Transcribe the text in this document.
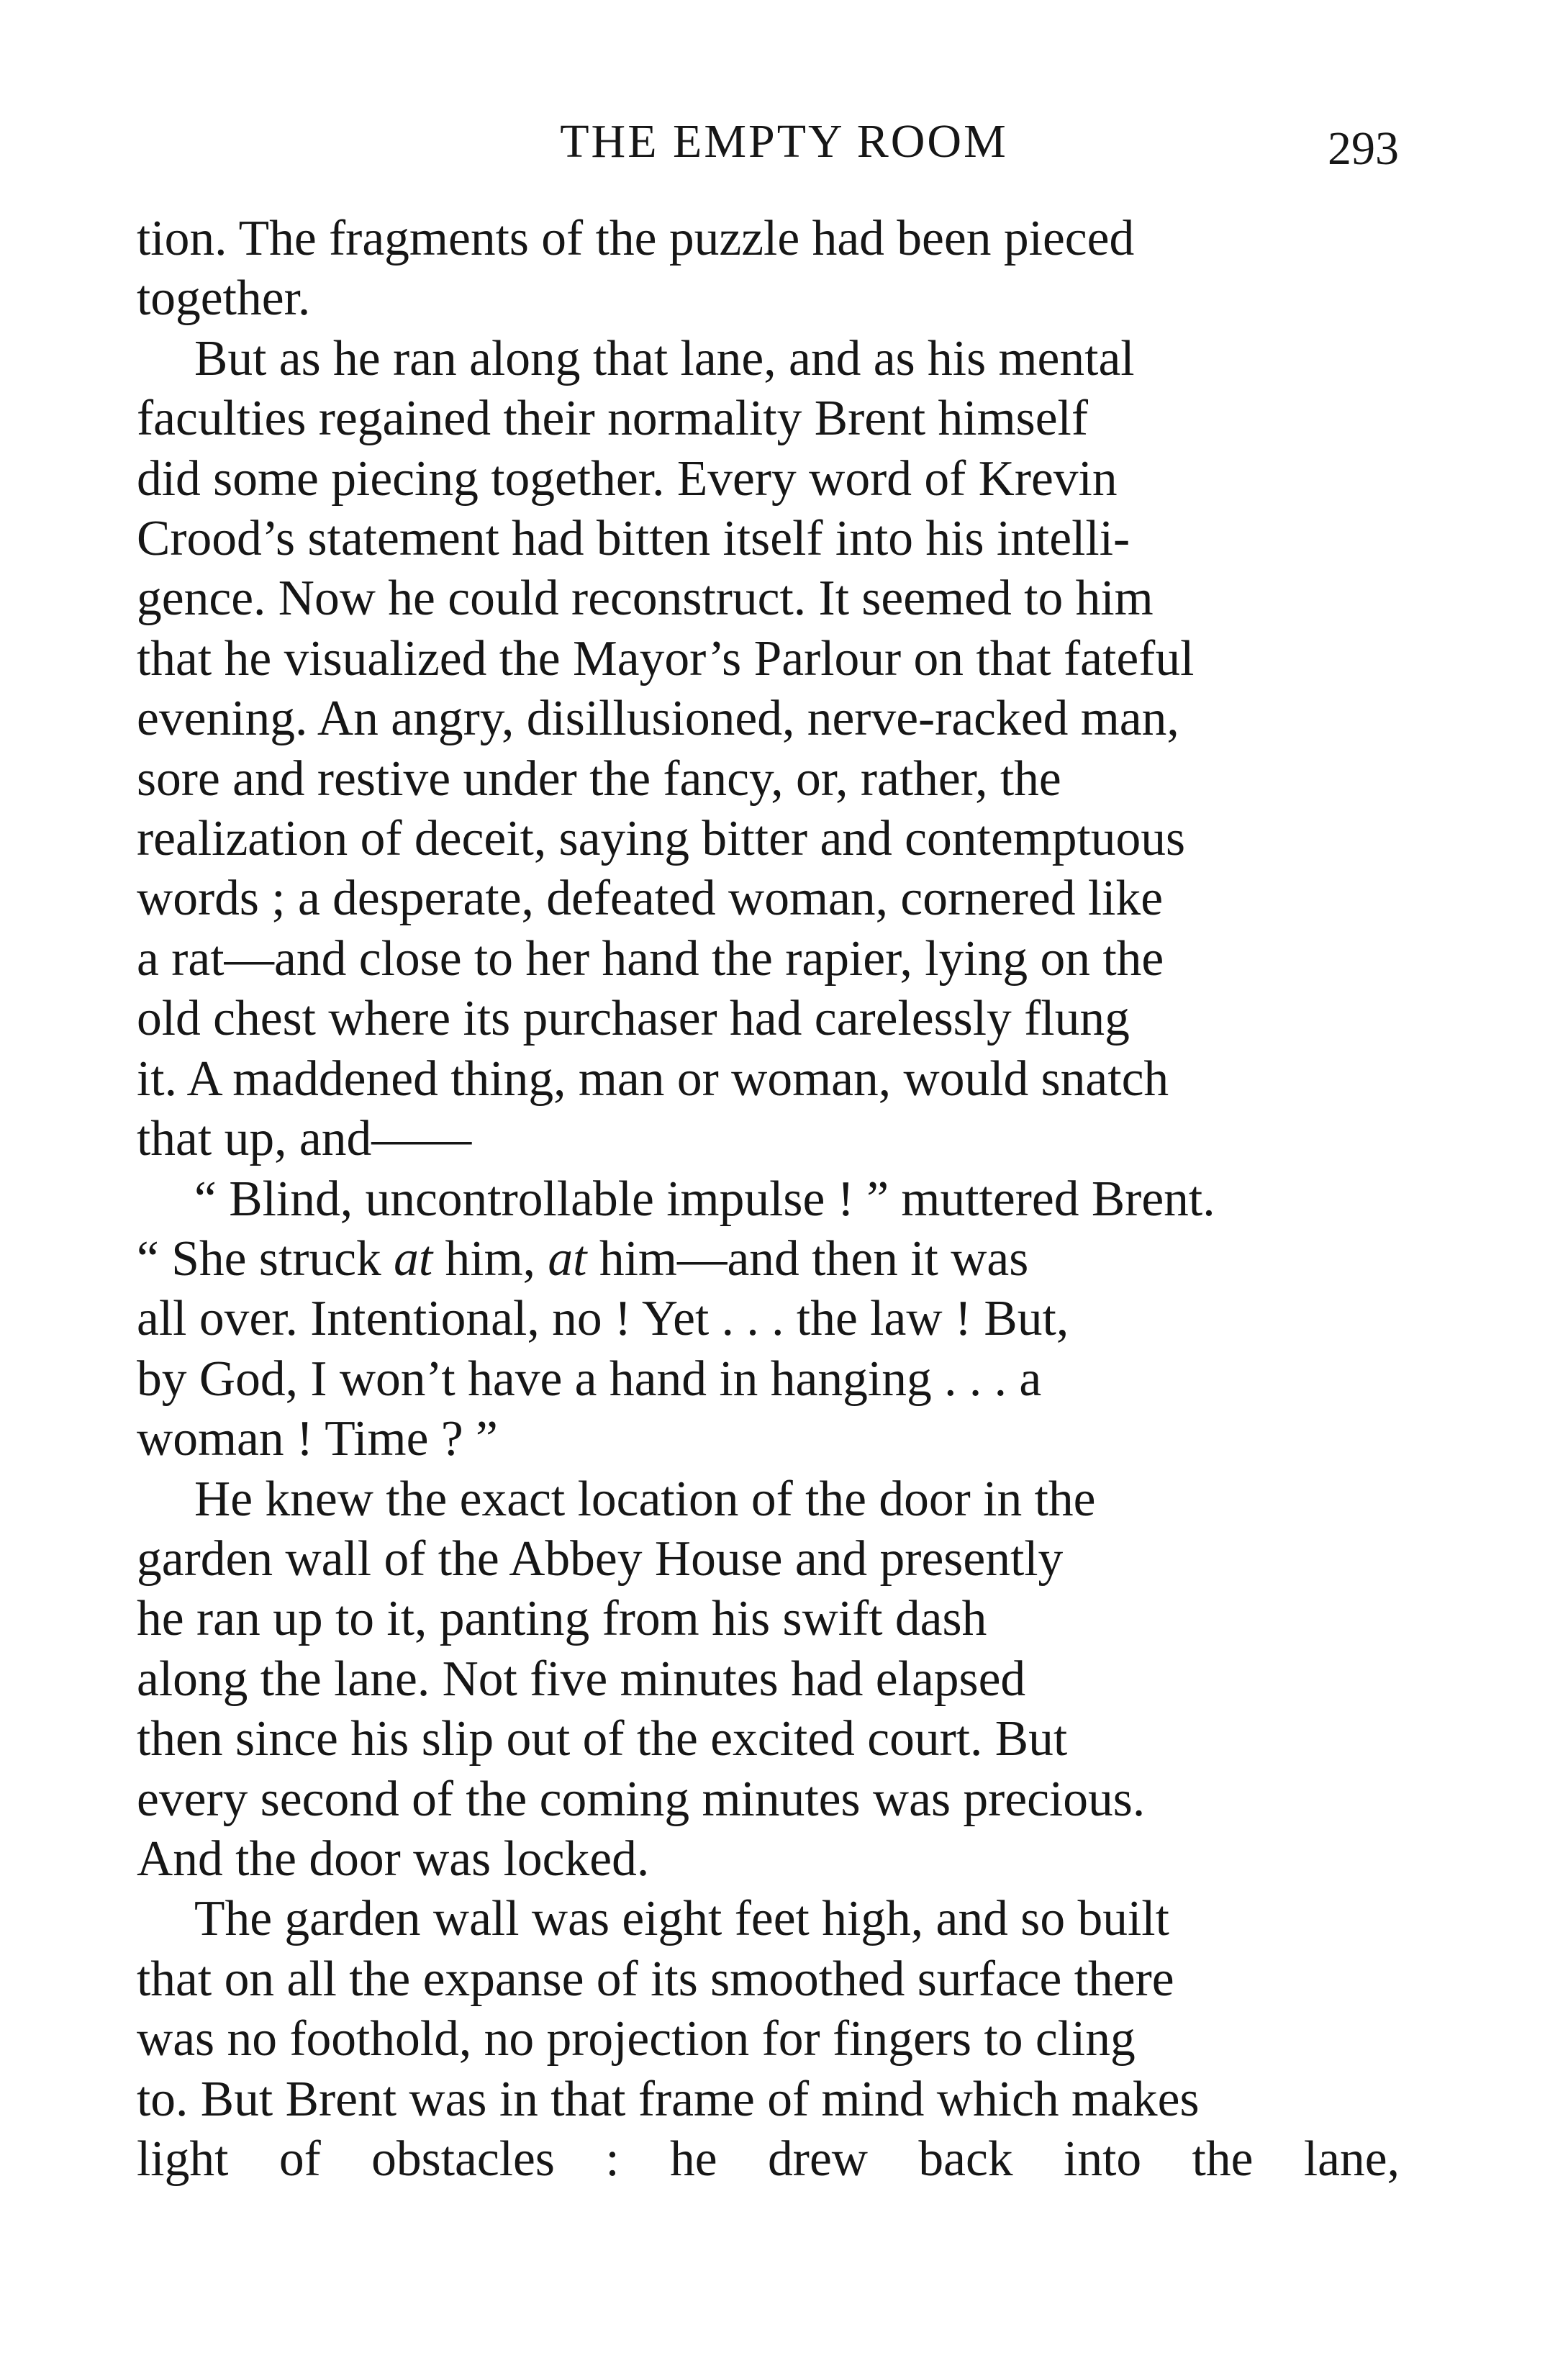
THE EMPTY ROOM	293
tion. The fragments of the puzzle had been pieced
together.
But as he ran along that lane, and as his mental
faculties regained their normality Brent himself
did some piecing together. Every word of Krevin
Crood’s statement had bitten itself into his intelli-
gence. Now he could reconstruct. It seemed to him
that he visualized the Mayor’s Parlour on that fateful
evening. An angry, disillusioned, nerve-racked man,
sore and restive under the fancy, or, rather, the
realization of deceit, saying bitter and contemptuous
words ; a desperate, defeated woman, cornered like
a rat—and close to her hand the rapier, lying on the
old chest where its purchaser had carelessly flung
it. A maddened thing, man or woman, would snatch
that up, and——
“ Blind, uncontrollable impulse ! ” muttered Brent.
“ She struck at him, at him—and then it was
all over. Intentional, no ! Yet . . . the law ! But,
by God, I won’t have a hand in hanging . . . a
woman ! Time ? ”
He knew the exact location of the door in the
garden wall of the Abbey House and presently
he ran up to it, panting from his swift dash
along the lane. Not five minutes had elapsed
then since his slip out of the excited court. But
every second of the coming minutes was precious.
And the door was locked.
The garden wall was eight feet high, and so built
that on all the expanse of its smoothed surface there
was no foothold, no projection for fingers to cling
to. But Brent was in that frame of mind which makes
light of obstacles : he drew back into the lane,
